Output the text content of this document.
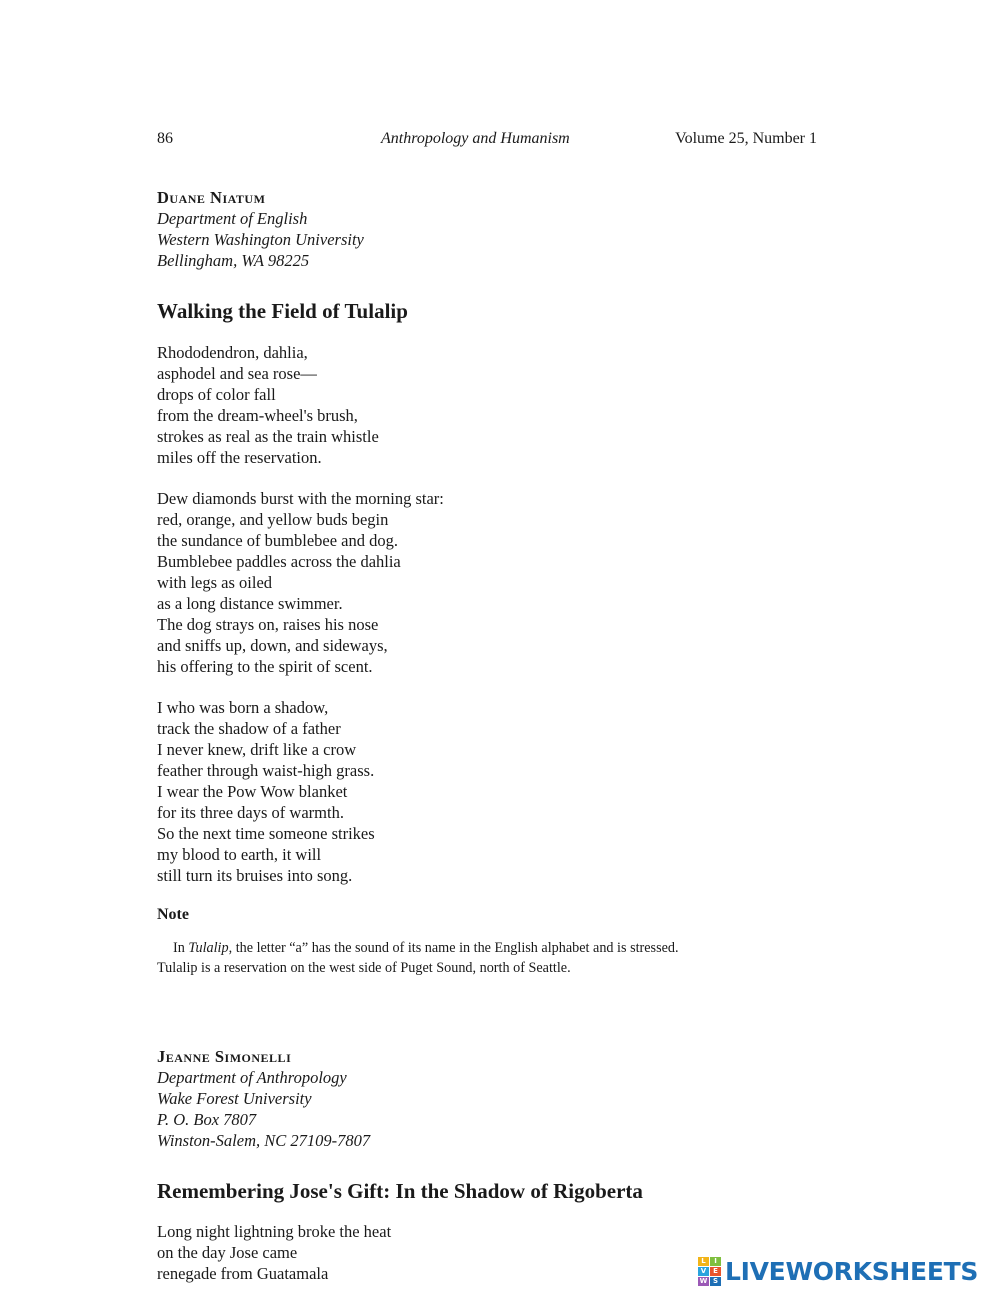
86	Anthropology and Humanism	Volume 25, Number 1
Duane Niatum
Department of English
Western Washington University
Bellingham, WA 98225
Walking the Field of Tulalip
Rhododendron, dahlia,
asphodel and sea rose—
drops of color fall
from the dream-wheel's brush,
strokes as real as the train whistle
miles off the reservation.
Dew diamonds burst with the morning star:
red, orange, and yellow buds begin
the sundance of bumblebee and dog.
Bumblebee paddles across the dahlia
with legs as oiled
as a long distance swimmer.
The dog strays on, raises his nose
and sniffs up, down, and sideways,
his offering to the spirit of scent.
I who was born a shadow,
track the shadow of a father
I never knew, drift like a crow
feather through waist-high grass.
I wear the Pow Wow blanket
for its three days of warmth.
So the next time someone strikes
my blood to earth, it will
still turn its bruises into song.
Note
In Tulalip, the letter “a” has the sound of its name in the English alphabet and is stressed.
Tulalip is a reservation on the west side of Puget Sound, north of Seattle.
Jeanne Simonelli
Department of Anthropology
Wake Forest University
P. O. Box 7807
Winston-Salem, NC 27109-7807
Remembering Jose's Gift: In the Shadow of Rigoberta
Long night lightning broke the heat
on the day Jose came
renegade from Guatamala
L	I
V E
W S LIVEWORKSHEETS
